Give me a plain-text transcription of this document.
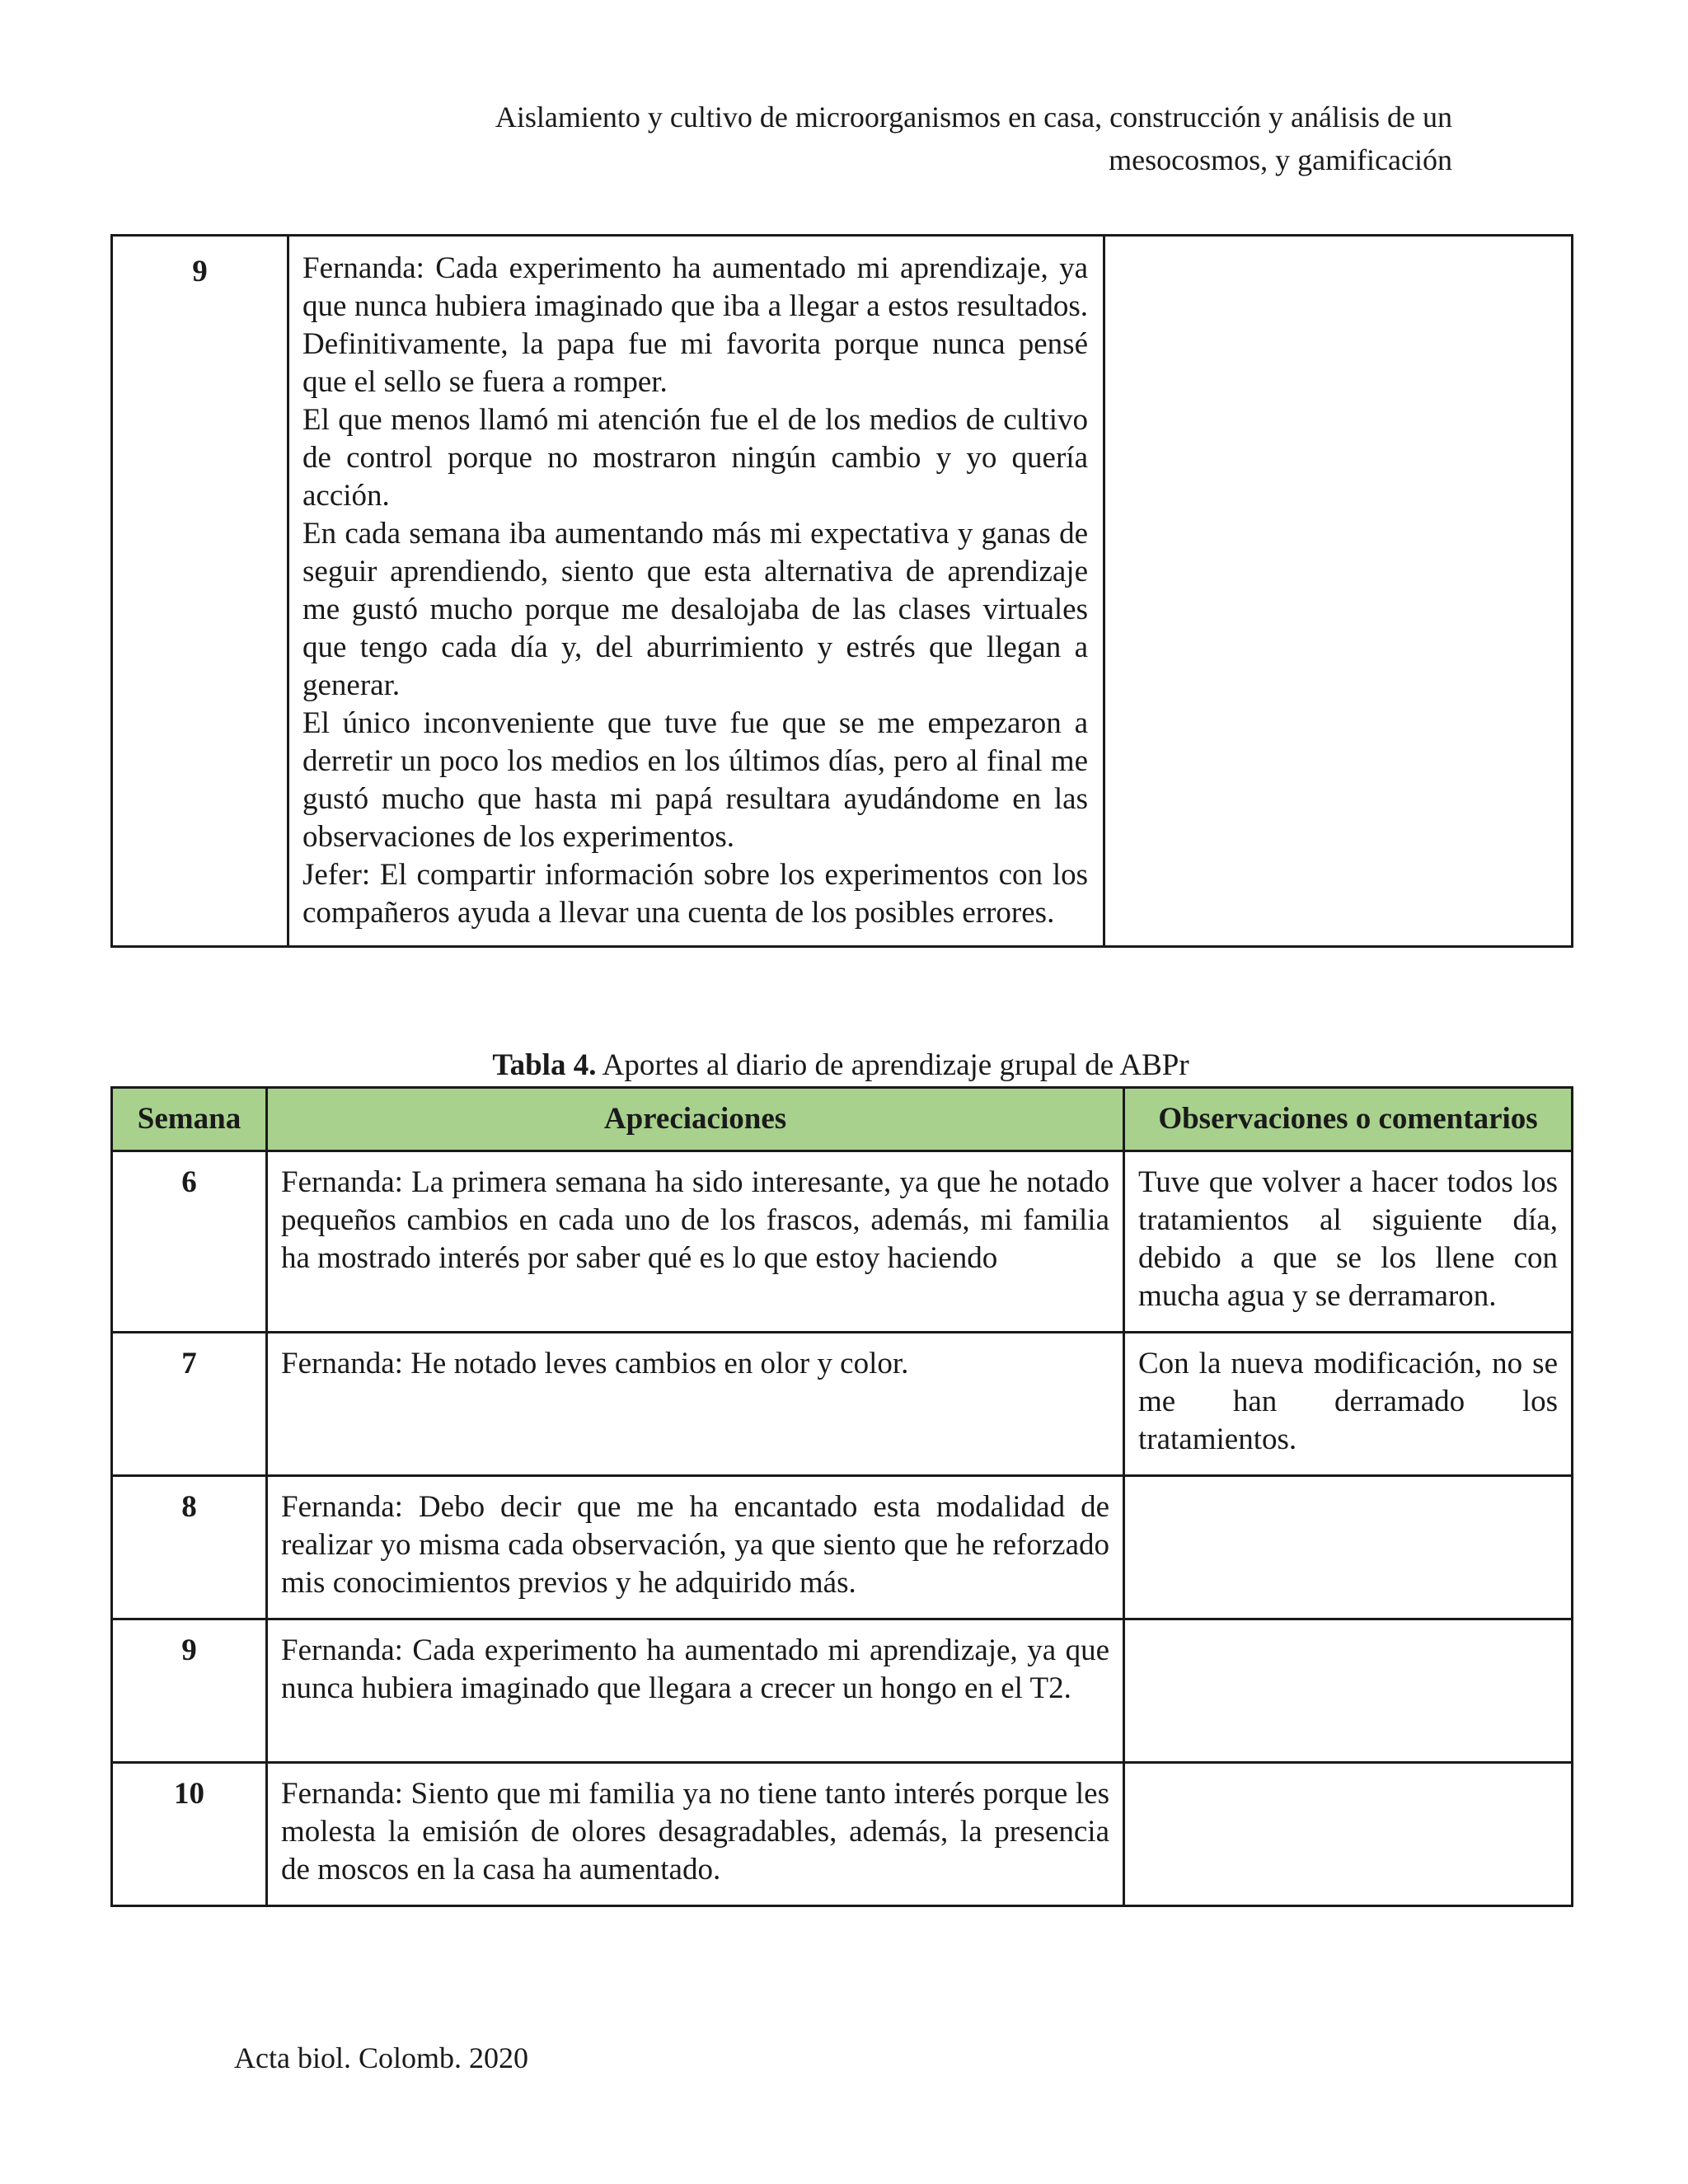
Aislamiento y cultivo de microorganismos en casa, construcción y análisis de un
mesocosmos, y gamificación
9	Fernanda: Cada experimento ha aumentado mi aprendizaje, ya que nunca hubiera imaginado que iba a llegar a estos resultados. Definitivamente, la papa fue mi favorita porque nunca pensé que el sello se fuera a romper.

El que menos llamó mi atención fue el de los medios de cultivo de control porque no mostraron ningún cambio y yo quería acción.

En cada semana iba aumentando más mi expectativa y ganas de seguir aprendiendo, siento que esta alternativa de aprendizaje me gustó mucho porque me desalojaba de las clases virtuales que tengo cada día y, del aburrimiento y estrés que llegan a generar.

El único inconveniente que tuve fue que se me empezaron a derretir un poco los medios en los últimos días, pero al final me gustó mucho que hasta mi papá resultara ayudándome en las observaciones de los experimentos.

Jefer: El compartir información sobre los experimentos con los compañeros ayuda a llevar una cuenta de los posibles errores.

Tabla 4. Aportes al diario de aprendizaje grupal de ABPr
Semana	Apreciaciones	Observaciones o comentarios
6	Fernanda: La primera semana ha sido interesante, ya que he notado pequeños cambios en cada uno de los frascos, además, mi familia ha mostrado interés por saber qué es lo que estoy haciendo	Tuve que volver a hacer todos los tratamientos al siguiente día, debido a que se los llene con mucha agua y se derramaron.
7	Fernanda: He notado leves cambios en olor y color.	Con la nueva modificación, no se me han derramado los tratamientos.
8	Fernanda: Debo decir que me ha encantado esta modalidad de realizar yo misma cada observación, ya que siento que he reforzado mis conocimientos previos y he adquirido más.	
9	Fernanda: Cada experimento ha aumentado mi aprendizaje, ya que nunca hubiera imaginado que llegara a crecer un hongo en el T2.	
10	Fernanda: Siento que mi familia ya no tiene tanto interés porque les molesta la emisión de olores desagradables, además, la presencia de moscos en la casa ha aumentado.	
Acta biol. Colomb. 2020
